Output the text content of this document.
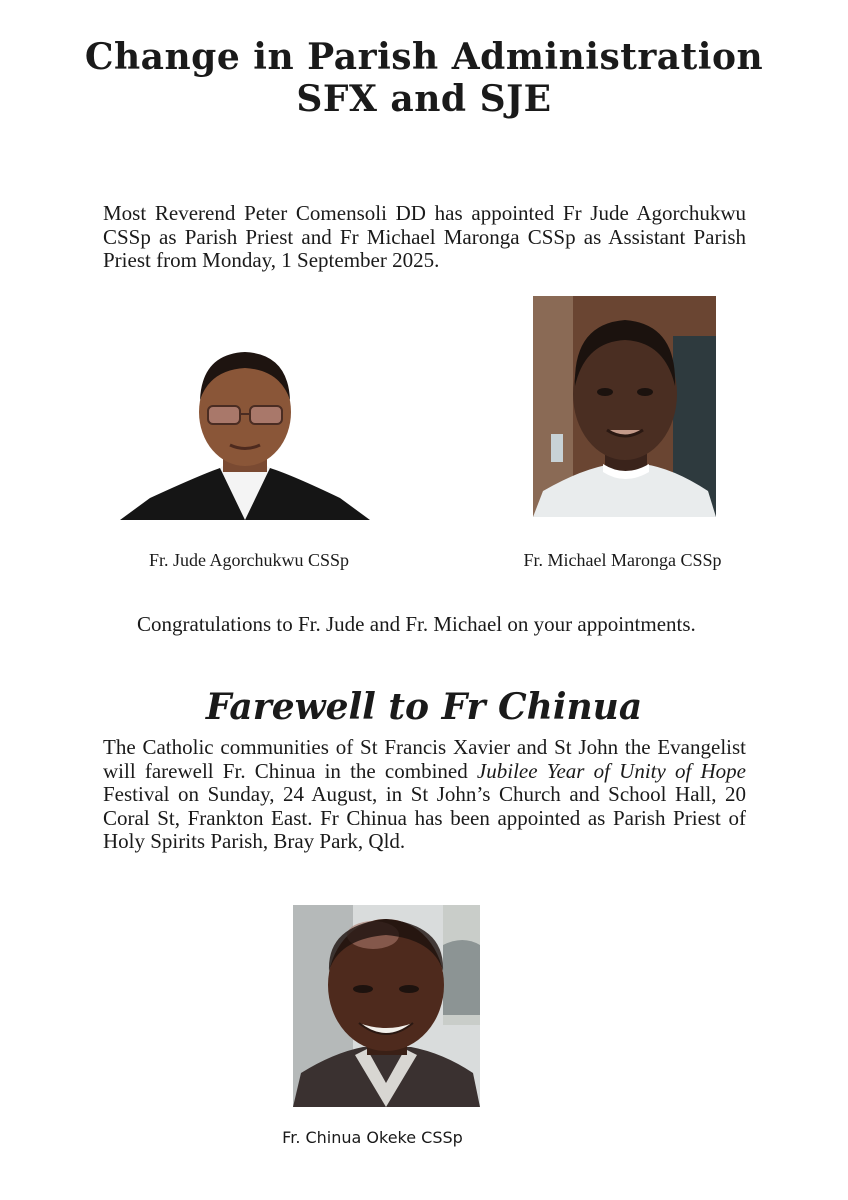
Change in Parish Administration
SFX and SJE
Most Reverend Peter Comensoli DD has appointed Fr Jude Agorchukwu CSSp as Parish Priest and Fr Michael Maronga CSSp as Assistant Parish Priest from Monday, 1 September 2025.
Fr. Jude Agorchukwu CSSp	Fr. Michael Maronga CSSp
Congratulations to Fr. Jude and Fr. Michael on your appointments.
Farewell to Fr Chinua
The Catholic communities of St Francis Xavier and St John the Evangelist will farewell Fr. Chinua in the combined Jubilee Year of Unity of Hope Festival on Sunday, 24 August, in St John’s Church and School Hall, 20 Coral St, Frankton East. Fr Chinua has been appointed as Parish Priest of Holy Spirits Parish, Bray Park, Qld.
Fr. Chinua Okeke CSSp
